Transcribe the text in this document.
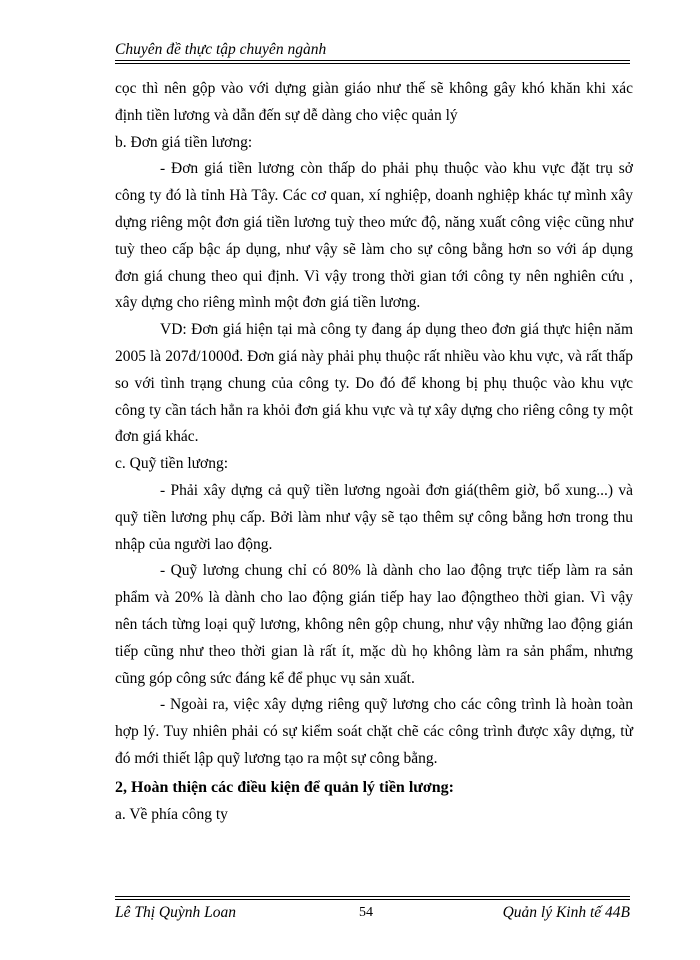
Chuyên đề thực tập chuyên ngành

cọc thì nên gộp vào với dựng giàn giáo như thế sẽ không gây khó khăn khi xác định tiền lương và dẫn đến sự dễ dàng cho việc quản lý

b. Đơn giá tiền lương:

- Đơn giá tiền lương còn thấp do phải phụ thuộc vào khu vực đặt trụ sở công ty đó là tỉnh Hà Tây. Các cơ quan, xí nghiệp, doanh nghiệp khác tự mình xây dựng riêng một đơn giá tiền lương tuỳ theo mức độ, năng xuất công việc cũng như tuỳ theo cấp bậc áp dụng, như vậy sẽ làm cho sự công bằng hơn so với áp dụng đơn giá chung theo qui định. Vì vậy trong thời gian tới công ty nên nghiên cứu , xây dựng cho riêng mình một đơn giá tiền lương.

VD: Đơn giá hiện tại mà công ty đang áp dụng theo đơn giá thực hiện năm 2005 là 207đ/1000đ. Đơn giá này phải phụ thuộc rất nhiều vào khu vực, và rất thấp so với tình trạng chung của công ty. Do đó để khong bị phụ thuộc vào khu vực công ty cần tách hẳn ra khỏi đơn giá khu vực và tự xây dựng cho riêng công ty một đơn giá khác.

c. Quỹ tiền lương:

- Phải xây dựng cả quỹ tiền lương ngoài đơn giá(thêm giờ, bổ xung...) và quỹ tiền lương phụ cấp. Bởi làm như vậy sẽ tạo thêm sự công bằng hơn trong thu nhập của người lao động.

- Quỹ lương chung chỉ có 80% là dành cho lao động trực tiếp làm ra sản phẩm và 20% là dành cho lao động gián tiếp hay lao độngtheo thời gian. Vì vậy nên tách từng loại quỹ lương, không nên gộp chung, như vậy những lao động gián tiếp cũng như theo thời gian là rất ít, mặc dù họ không làm ra sản phẩm, nhưng cũng góp công sức đáng kể để phục vụ sản xuất.

- Ngoài ra, việc xây dựng riêng quỹ lương cho các công trình là hoàn toàn hợp lý. Tuy nhiên phải có sự kiểm soát chặt chẽ các công trình được xây dựng, từ đó mới thiết lập quỹ lương tạo ra một sự công bằng.

2, Hoàn thiện các điều kiện để quản lý tiền lương:

a. Về phía công ty

Lê Thị Quỳnh Loan	54	Quản lý Kinh tế 44B
